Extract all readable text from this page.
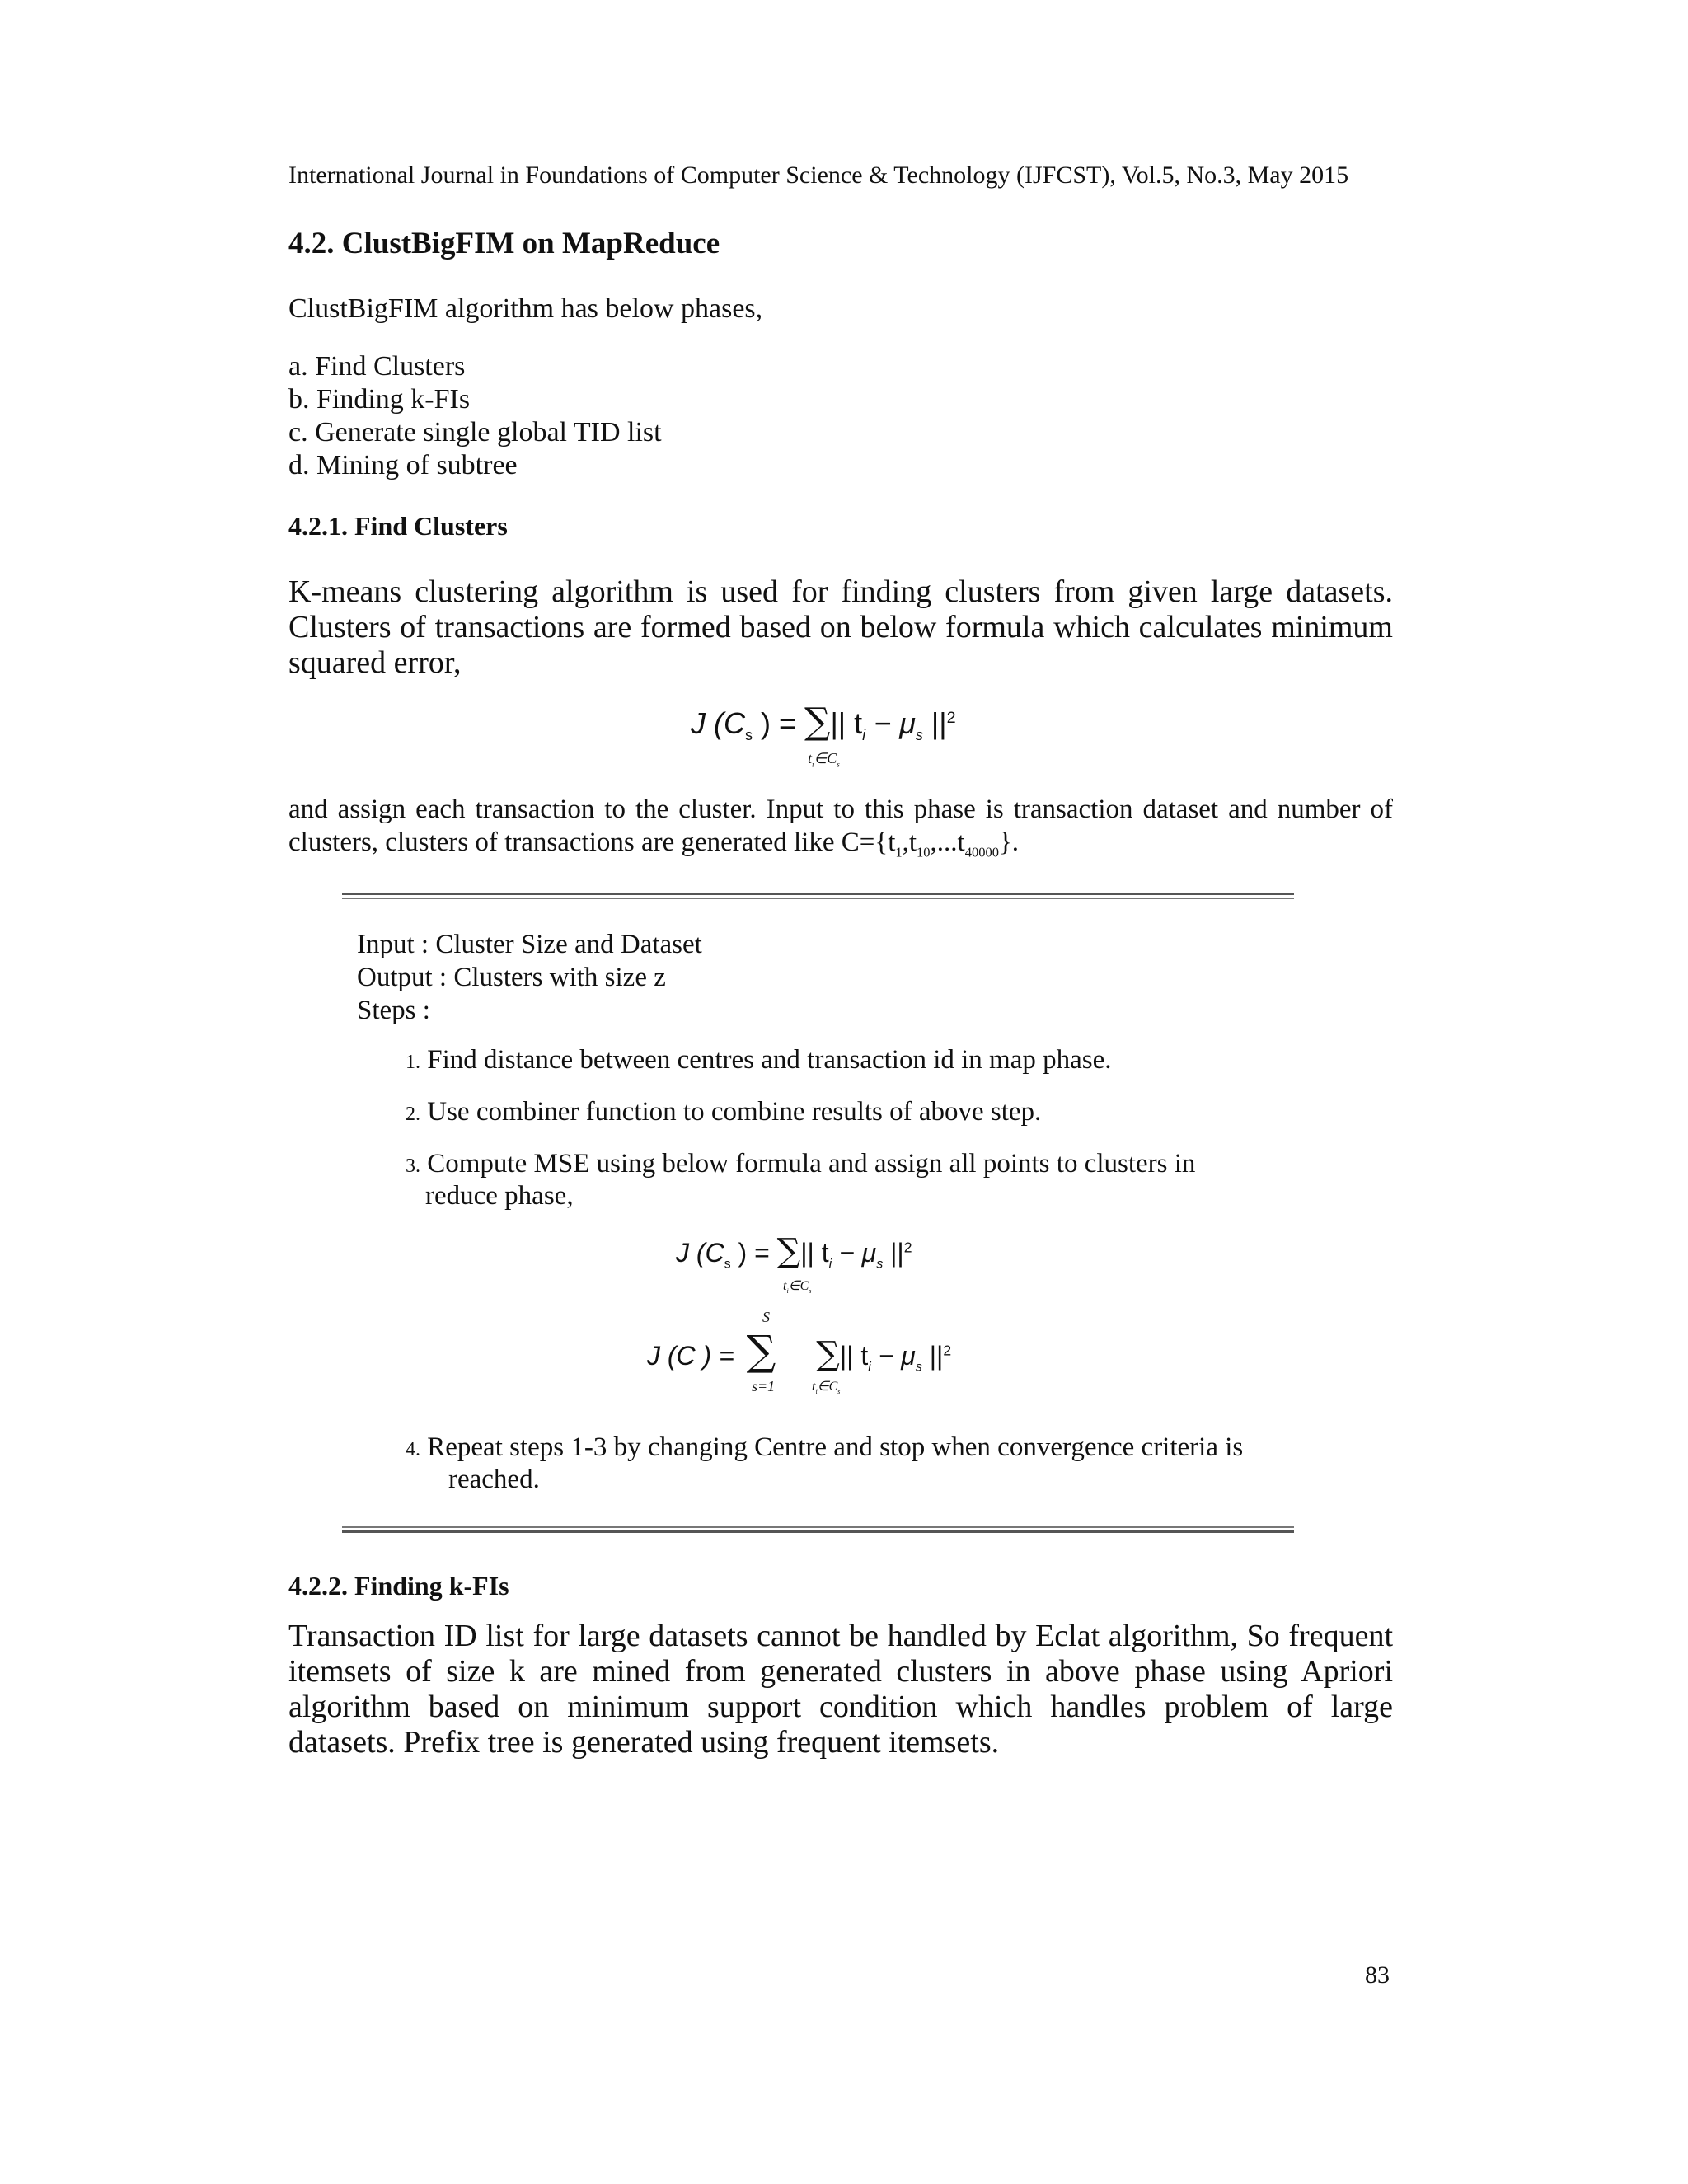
International Journal in Foundations of Computer Science & Technology (IJFCST), Vol.5, No.3, May 2015
4.2. ClustBigFIM on MapReduce
ClustBigFIM algorithm has below phases,
a. Find Clusters
b. Finding k-FIs
c. Generate single global TID list
d. Mining of subtree
4.2.1. Find Clusters
K-means clustering algorithm is used for finding clusters from given large datasets. Clusters of transactions are formed based on below formula which calculates minimum squared error,
J ($C_s$ ) = ∑|| $t_i - \mu_s$ $||^2$
$t_i\in C_s$
and assign each transaction to the cluster. Input to this phase is transaction dataset and number of clusters, clusters of transactions are generated like $C=\{t_1,t_{10},...t_{40000}\}$.
Input : Cluster Size and Dataset
Output : Clusters with size z
Steps :
1. Find distance between centres and transaction id in map phase.
2. Use combiner function to combine results of above step.
3. Compute MSE using below formula and assign all points to clusters in
reduce phase,
J ($C_s$ ) = ∑|| $t_i - \mu_s$ $||^2$
$t_i\in C_s$
S
J (C ) = ∑ ∑|| $t_i - \mu_s$ $||^2$
s=1	$t_i\in C_s$
4. Repeat steps 1-3 by changing Centre and stop when convergence criteria is
reached.
4.2.2. Finding k-FIs
Transaction ID list for large datasets cannot be handled by Eclat algorithm, So frequent itemsets of size k are mined from generated clusters in above phase using Apriori algorithm based on minimum support condition which handles problem of large datasets. Prefix tree is generated using frequent itemsets.
83
